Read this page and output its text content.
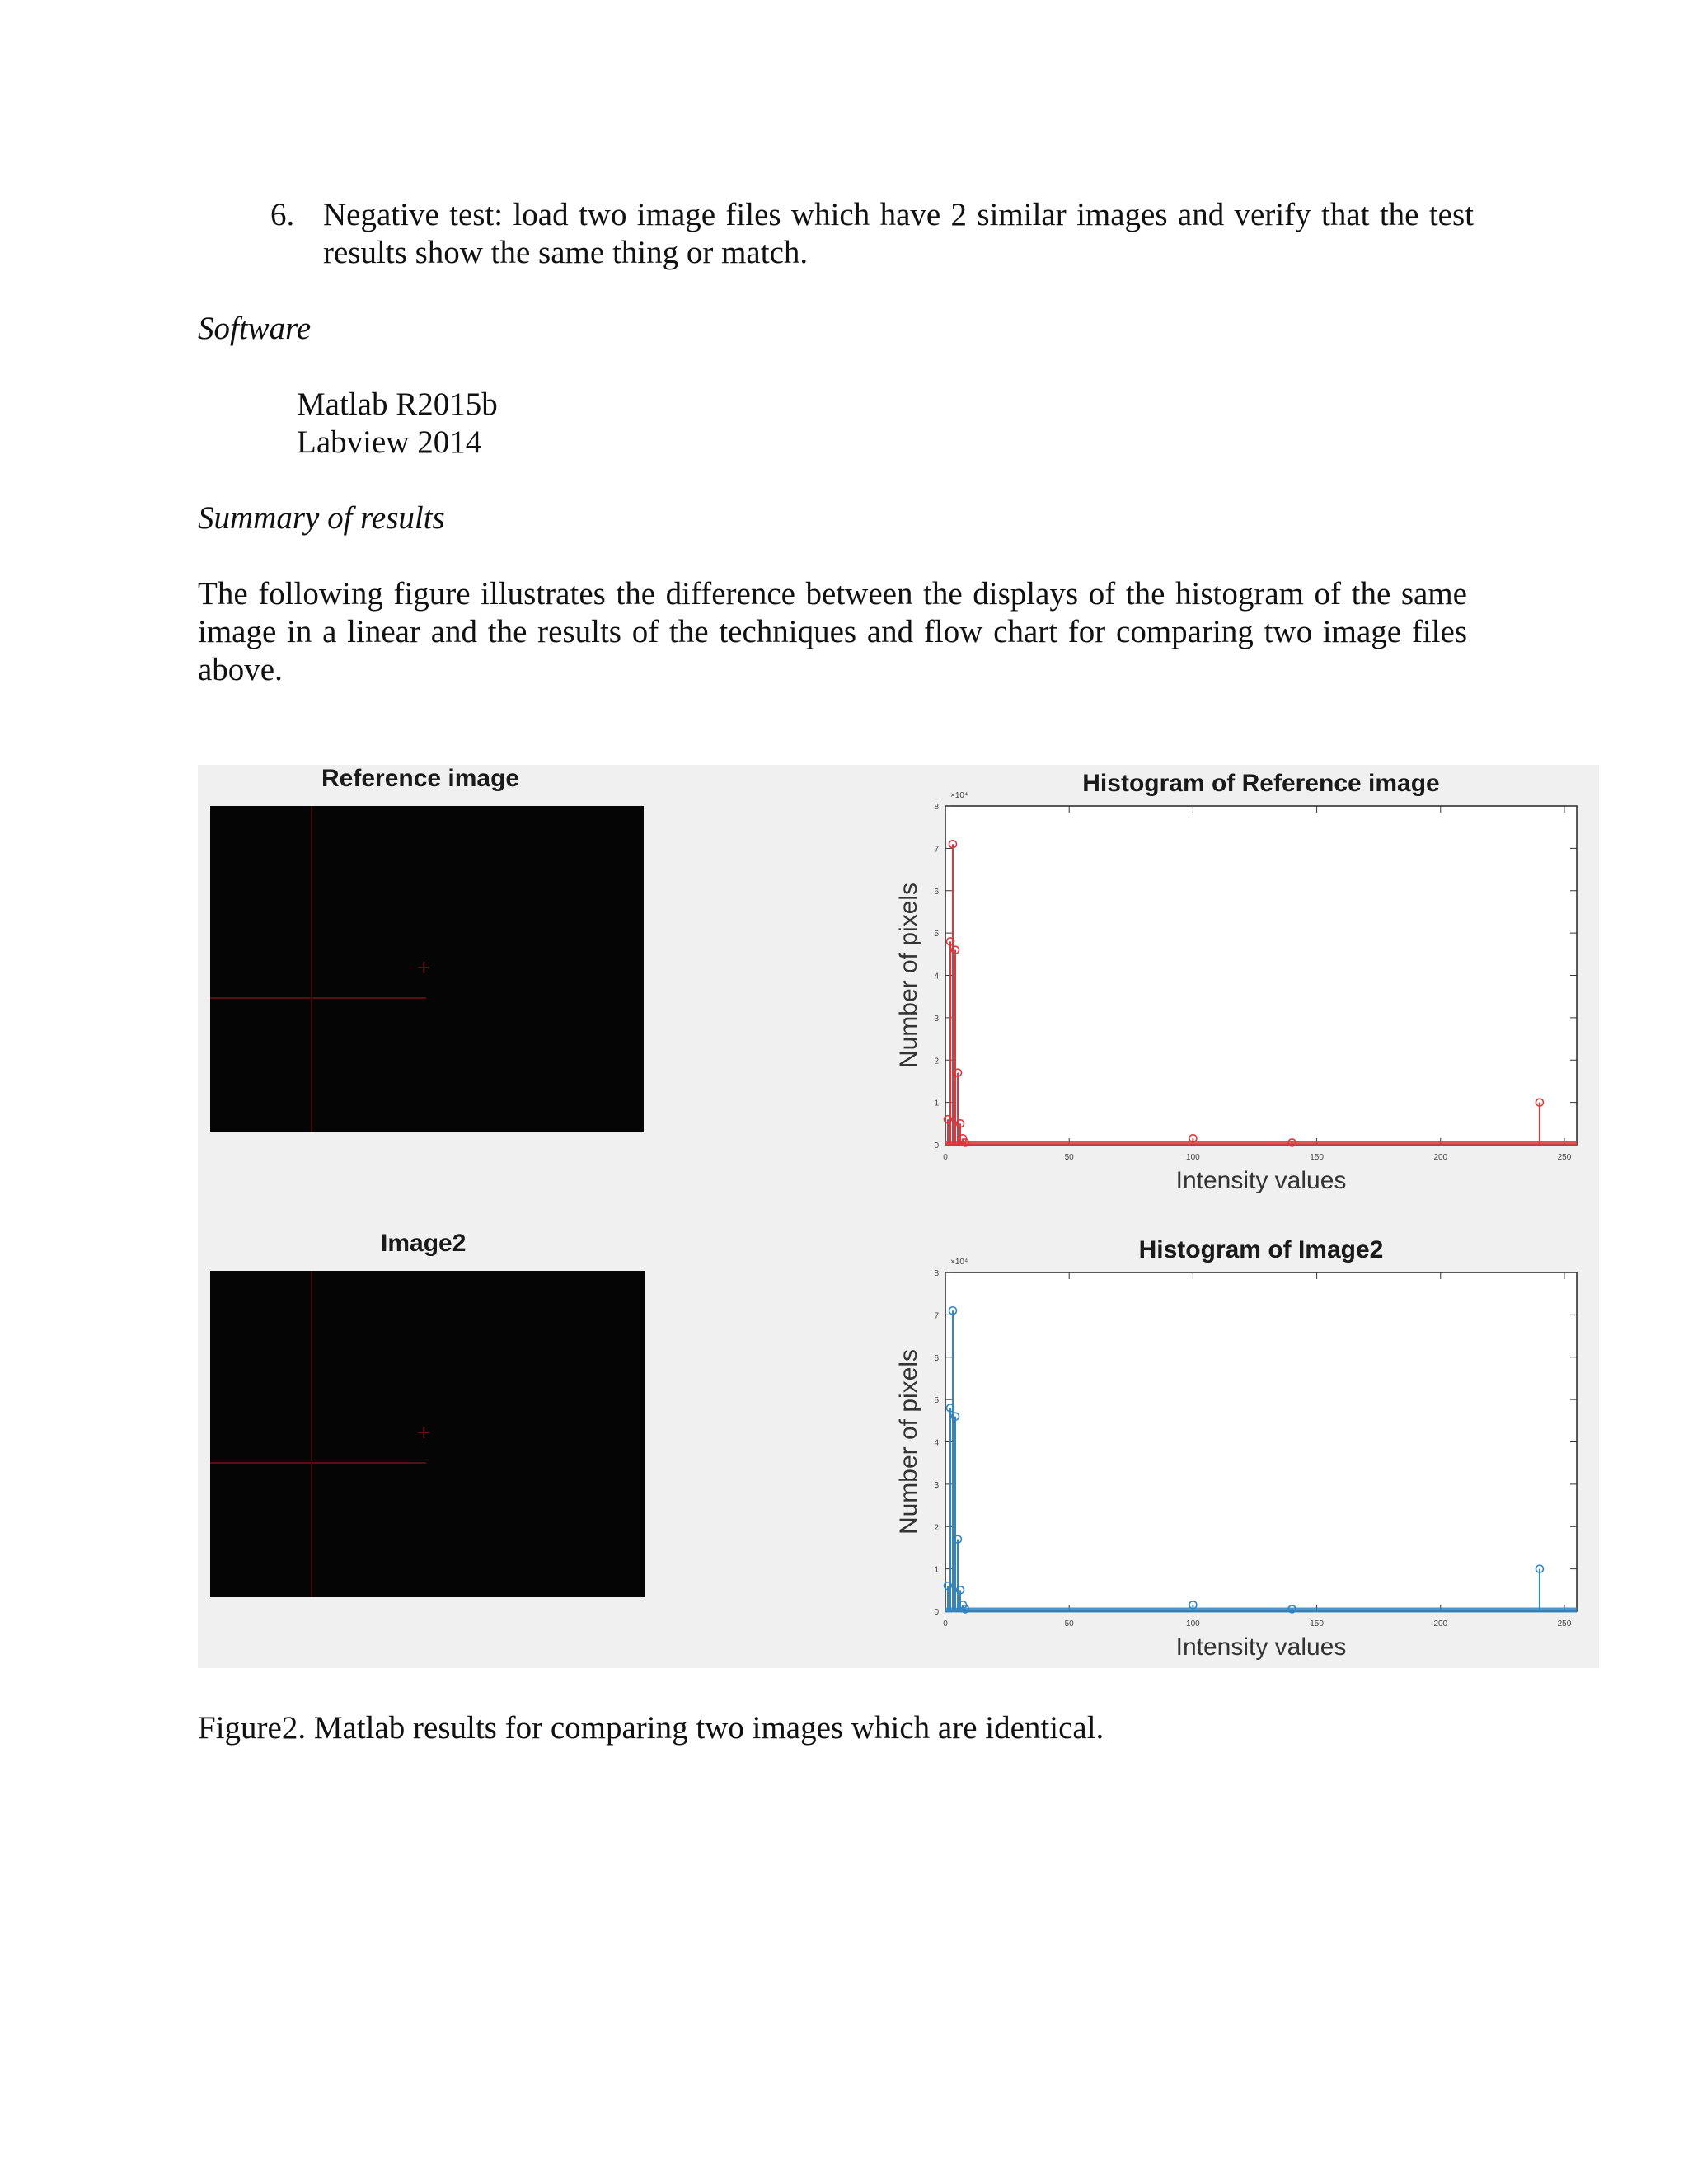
6. Negative test: load two image files which have 2 similar images and verify that the test results show the same thing or match.
Software
Matlab R2015b
Labview 2014
Summary of results
The following figure illustrates the difference between the displays of the histogram of the same image in a linear and the results of the techniques and flow chart for comparing two image files above.
Reference image
+
Image2
+
0
1
2
3
4
5
6
7
8
0	50	100	150	200	250
×10⁴	Histogram of Reference image
Intensity values
Number of pixels
0
1
2
3
4
5
6
7
8
0	50	100	150	200	250
×10⁴	Histogram of Image2
Intensity values
Number of pixels
Figure2. Matlab results for comparing two images which are identical.
